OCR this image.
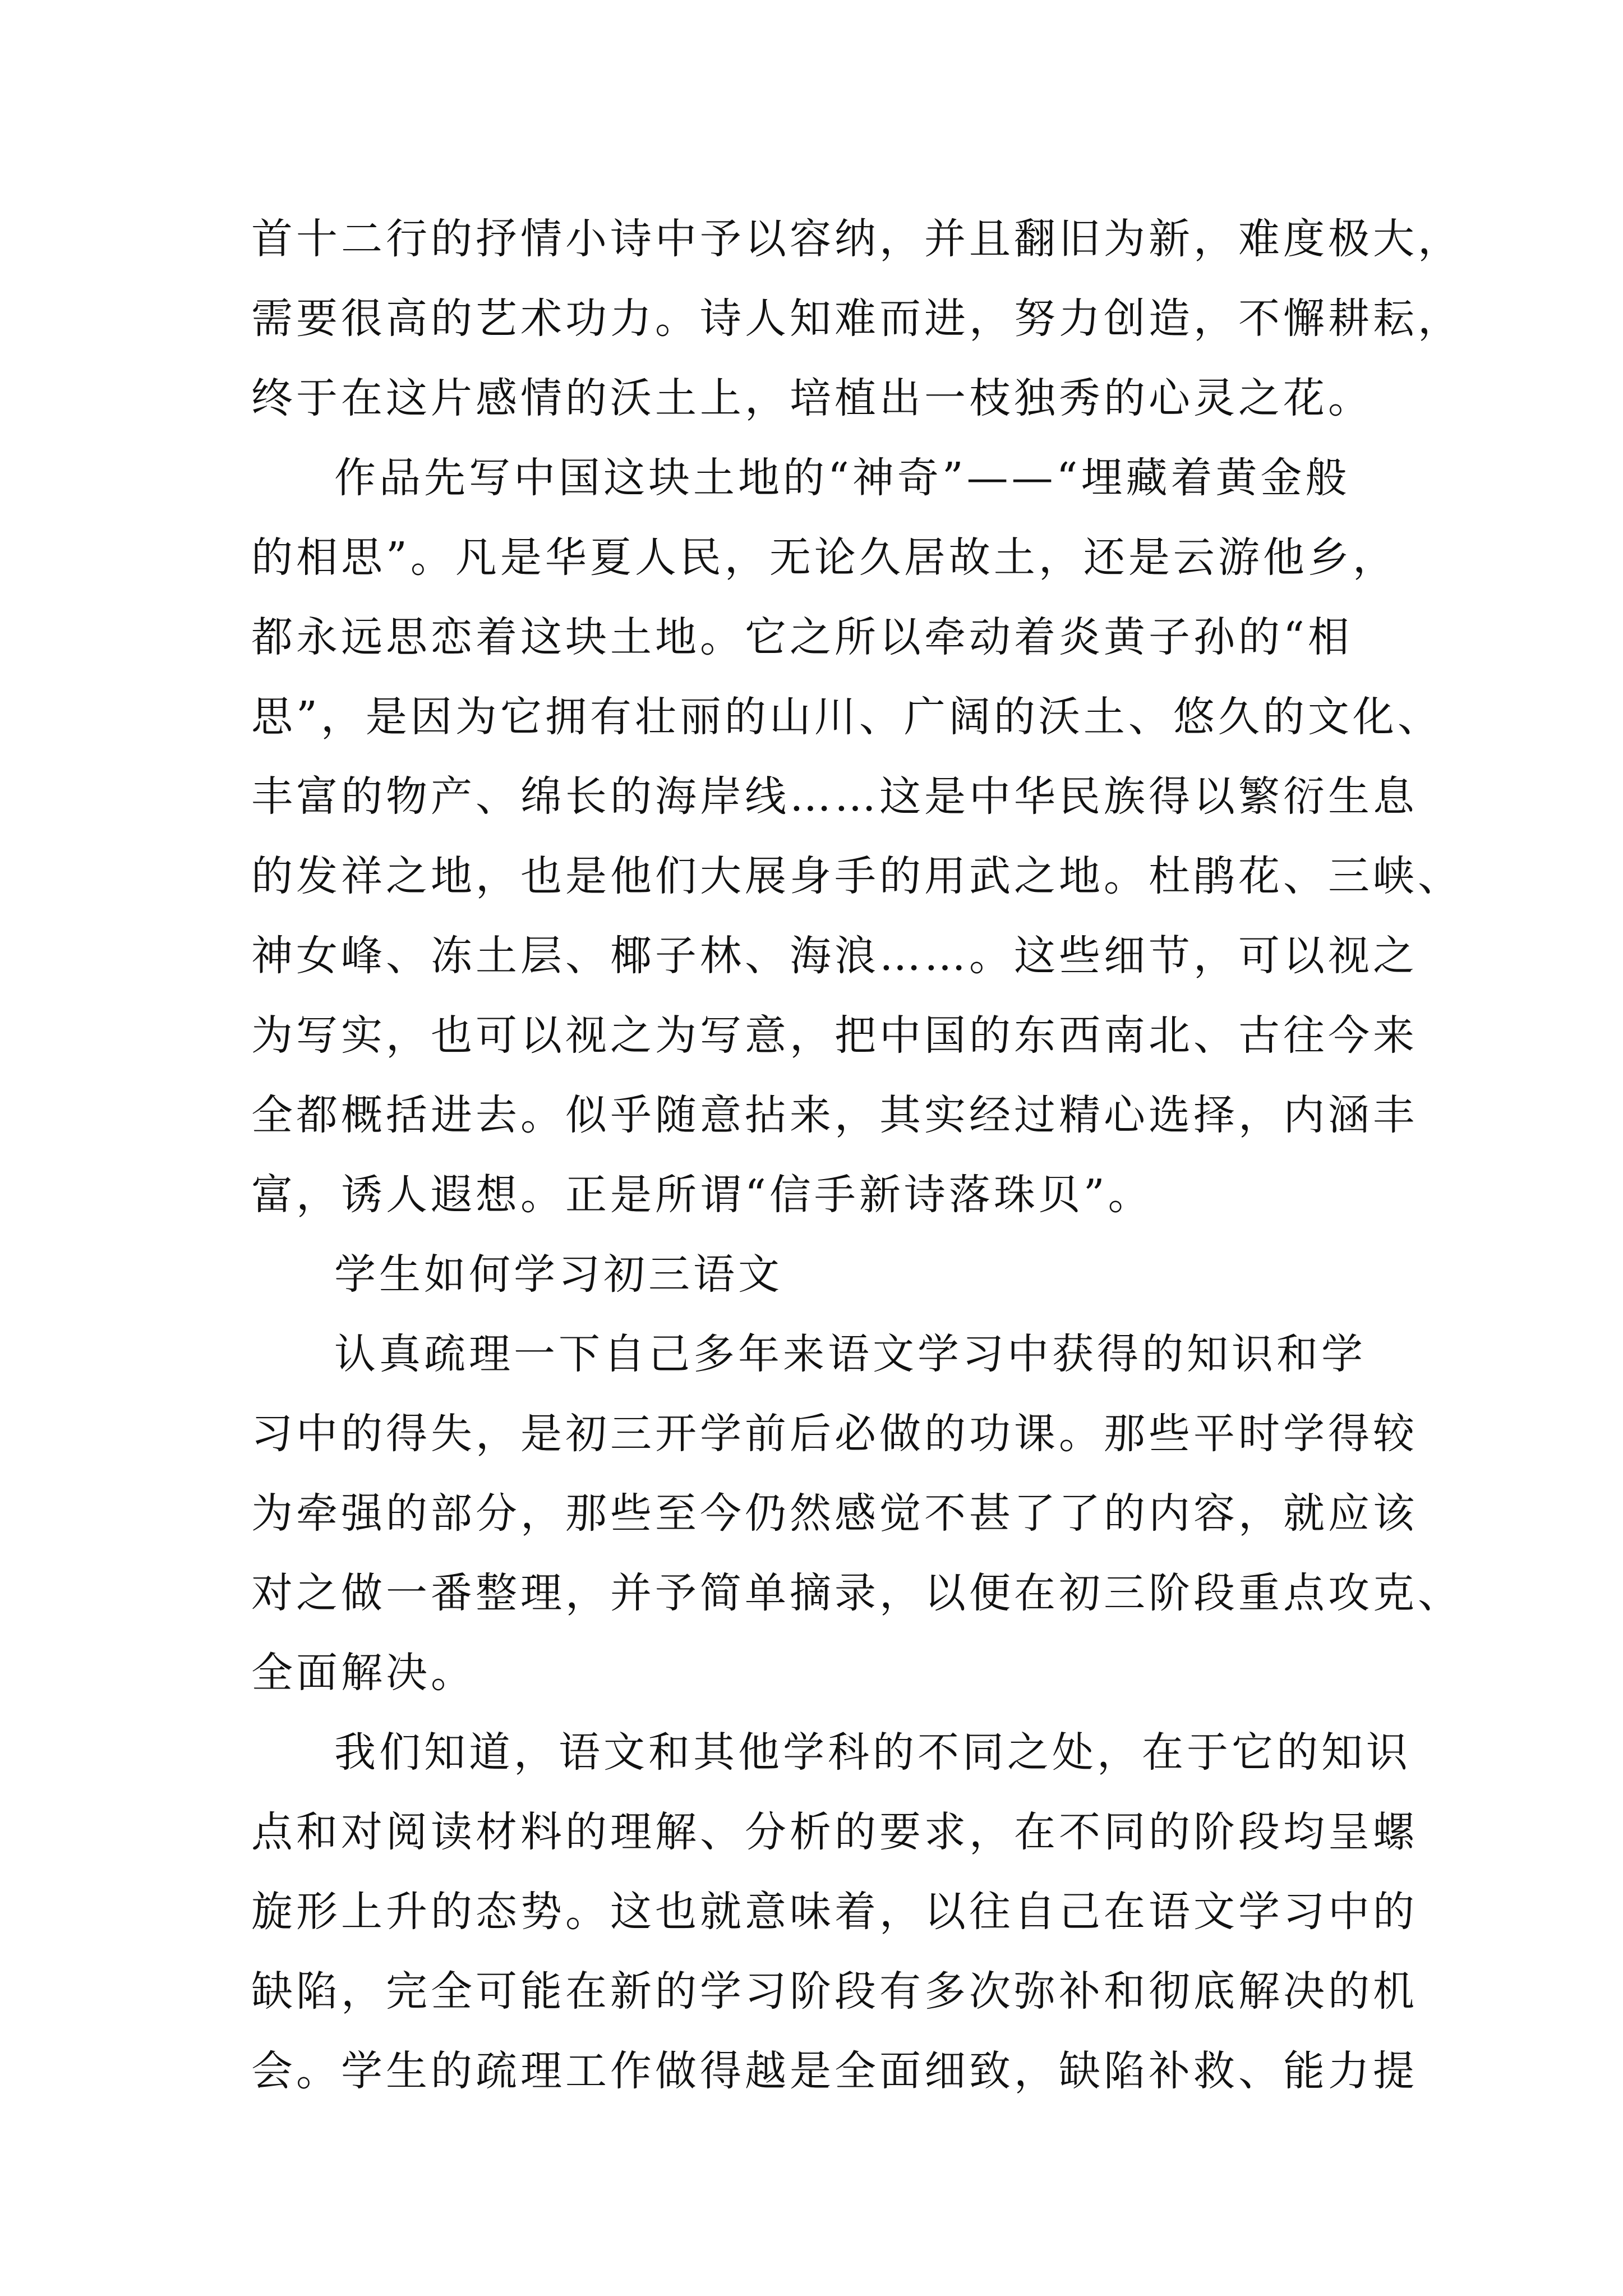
首十二行的抒情小诗中予以容纳，并且翻旧为新，难度极大，
需要很高的艺术功力。诗人知难而进，努力创造，不懈耕耘，
终于在这片感情的沃土上，培植出一枝独秀的心灵之花。
作品先写中国这块土地的“神奇”——“埋藏着黄金般
的相思”。凡是华夏人民，无论久居故土，还是云游他乡，
都永远思恋着这块土地。它之所以牵动着炎黄子孙的“相
思”，是因为它拥有壮丽的山川、广阔的沃土、悠久的文化、
丰富的物产、绵长的海岸线……这是中华民族得以繁衍生息
的发祥之地，也是他们大展身手的用武之地。杜鹃花、三峡、
神女峰、冻土层、椰子林、海浪……。这些细节，可以视之
为写实，也可以视之为写意，把中国的东西南北、古往今来
全都概括进去。似乎随意拈来，其实经过精心选择，内涵丰
富，诱人遐想。正是所谓“信手新诗落珠贝”。
学生如何学习初三语文
认真疏理一下自己多年来语文学习中获得的知识和学
习中的得失，是初三开学前后必做的功课。那些平时学得较
为牵强的部分，那些至今仍然感觉不甚了了的内容，就应该
对之做一番整理，并予简单摘录，以便在初三阶段重点攻克、
全面解决。
我们知道，语文和其他学科的不同之处，在于它的知识
点和对阅读材料的理解、分析的要求，在不同的阶段均呈螺
旋形上升的态势。这也就意味着，以往自己在语文学习中的
缺陷，完全可能在新的学习阶段有多次弥补和彻底解决的机
会。学生的疏理工作做得越是全面细致，缺陷补救、能力提
